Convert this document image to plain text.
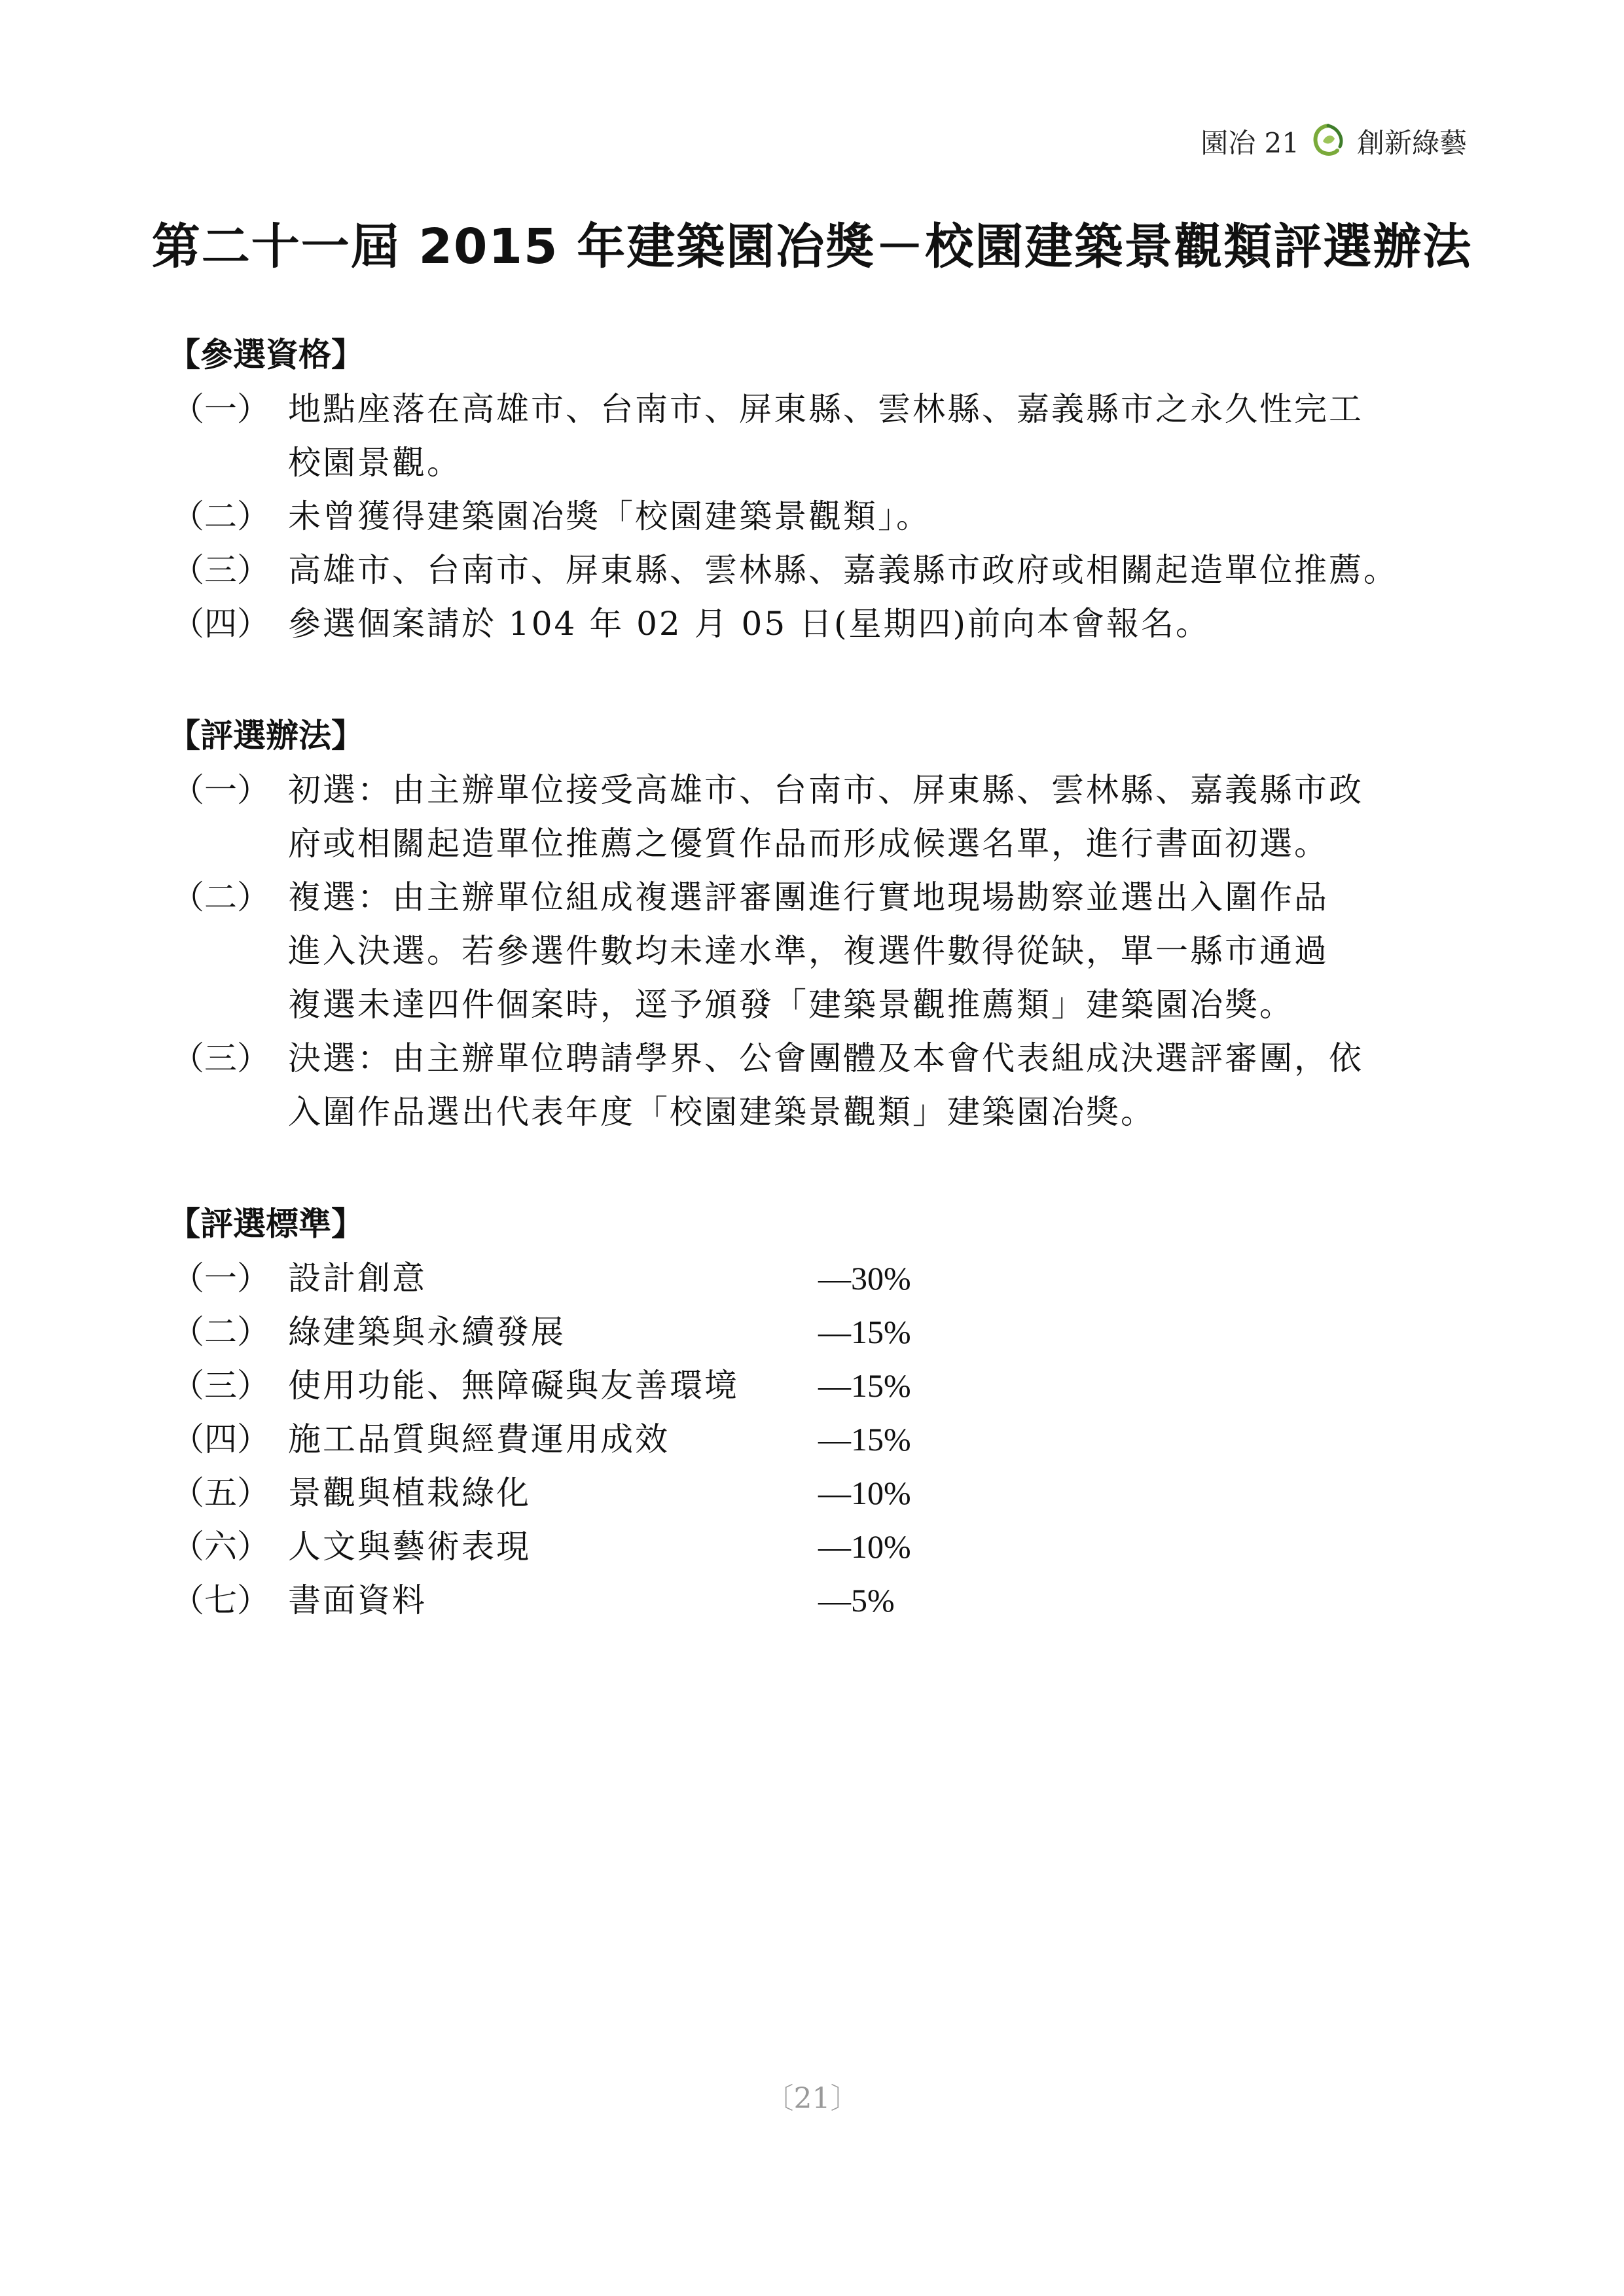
園冶 21 創新綠藝
第二十一屆 2015 年建築園冶獎－校園建築景觀類評選辦法
【參選資格】
（一） 地點座落在高雄市、台南市、屏東縣、雲林縣、嘉義縣市之永久性完工
校園景觀。
（二） 未曾獲得建築園冶獎「校園建築景觀類」。
（三） 高雄市、台南市、屏東縣、雲林縣、嘉義縣市政府或相關起造單位推薦。
（四） 參選個案請於 104 年 02 月 05 日(星期四)前向本會報名。
【評選辦法】
（一） 初選：由主辦單位接受高雄市、台南市、屏東縣、雲林縣、嘉義縣市政
府或相關起造單位推薦之優質作品而形成候選名單，進行書面初選。
（二） 複選：由主辦單位組成複選評審團進行實地現場勘察並選出入圍作品
進入決選。若參選件數均未達水準，複選件數得從缺，單一縣市通過
複選未達四件個案時，逕予頒發「建築景觀推薦類」建築園冶獎。
（三） 決選：由主辦單位聘請學界、公會團體及本會代表組成決選評審團，依
入圍作品選出代表年度「校園建築景觀類」建築園冶獎。
【評選標準】
（一） 設計創意	—30%
（二） 綠建築與永續發展	—15%
（三） 使用功能、無障礙與友善環境	—15%
（四） 施工品質與經費運用成效	—15%
（五） 景觀與植栽綠化	—10%
（六） 人文與藝術表現	—10%
（七） 書面資料	—5%
〔21〕
